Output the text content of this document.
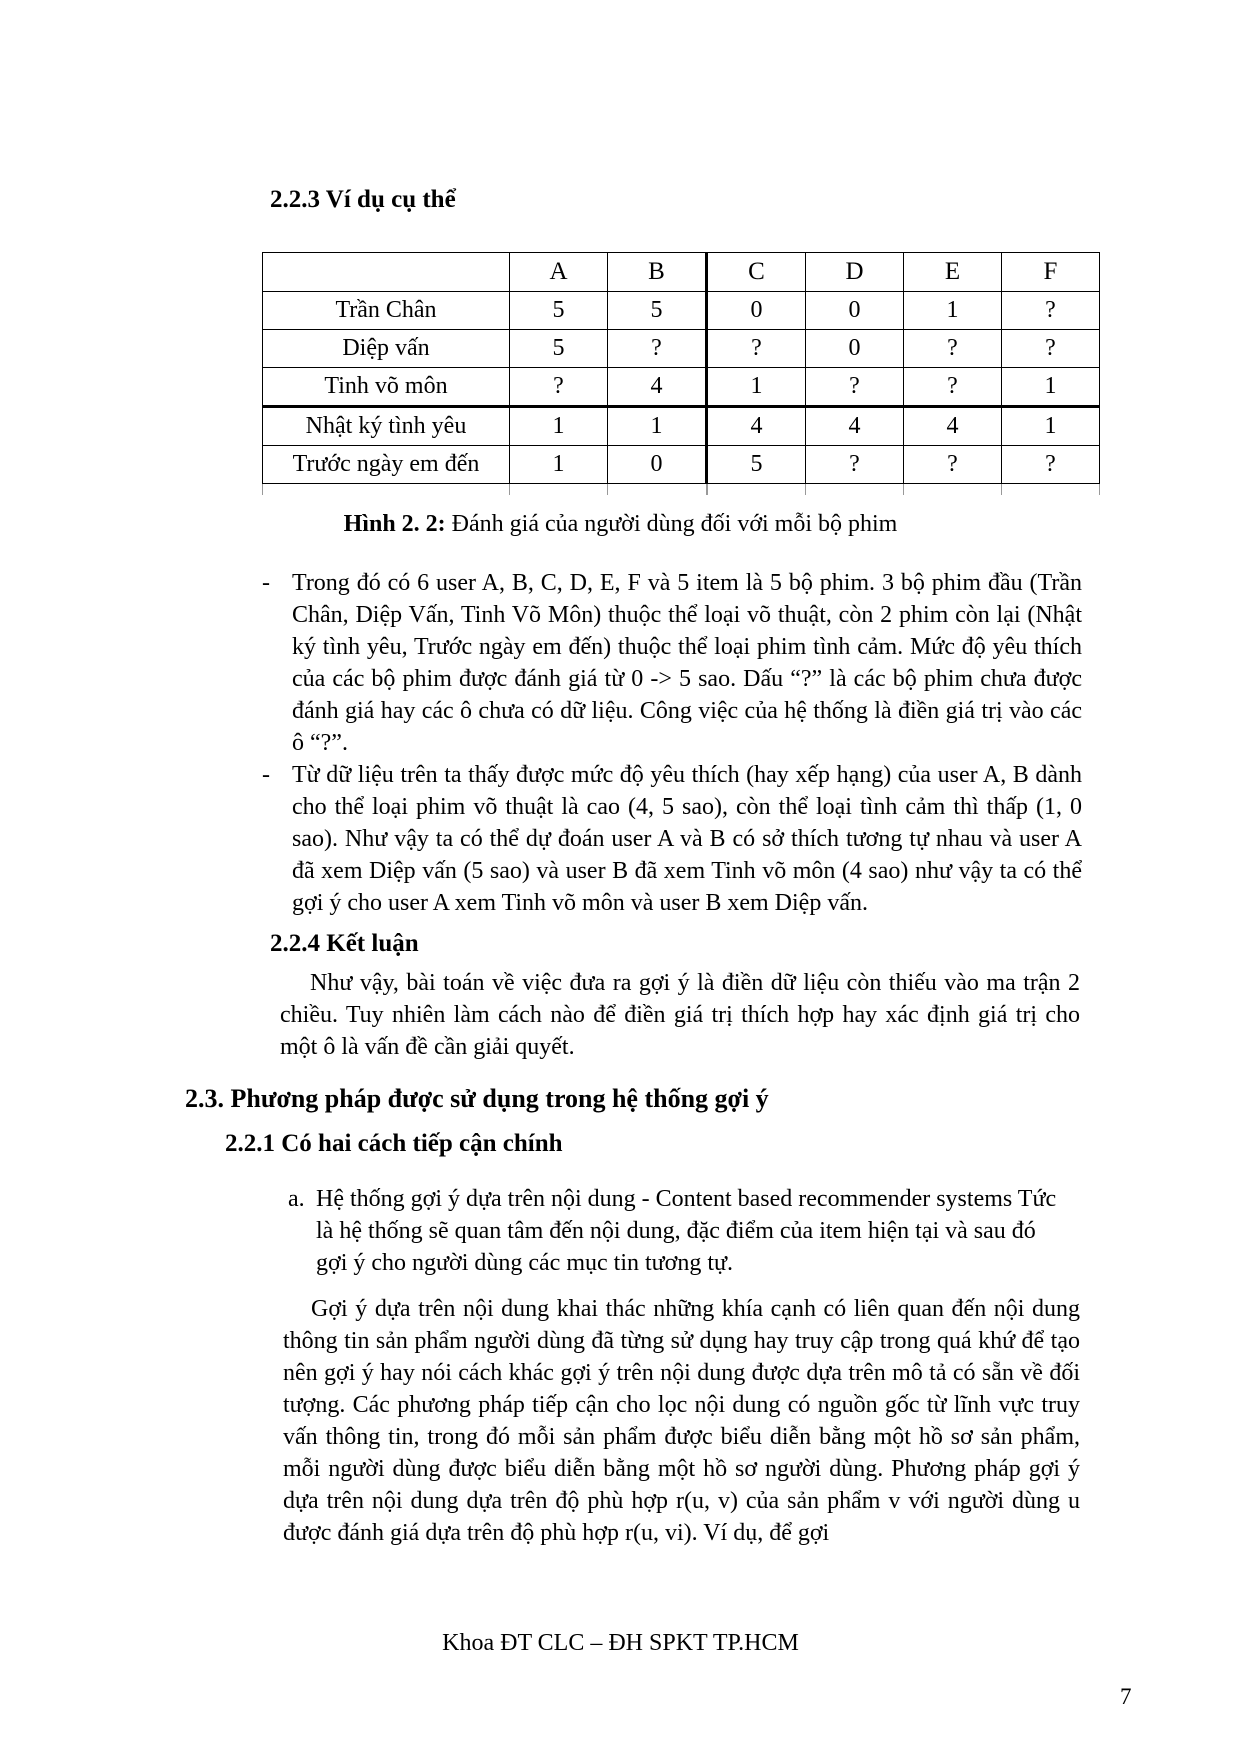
2.2.3 Ví dụ cụ thể
	A	B	C	D	E	F
Trần Chân	5	5	0	0	1	?
Diệp vấn	5	?	?	0	?	?
Tinh võ môn	?	4	1	?	?	1
Nhật ký tình yêu	1	1	4	4	4	1
Trước ngày em đến	1	0	5	?	?	?

Hình 2. 2: Đánh giá của người dùng đối với mỗi bộ phim
- Trong đó có 6 user A, B, C, D, E, F và 5 item là 5 bộ phim. 3 bộ phim đầu (Trần Chân, Diệp Vấn, Tinh Võ Môn) thuộc thể loại võ thuật, còn 2 phim còn lại (Nhật ký tình yêu, Trước ngày em đến) thuộc thể loại phim tình cảm. Mức độ yêu thích của các bộ phim được đánh giá từ 0 -> 5 sao. Dấu “?” là các bộ phim chưa được đánh giá hay các ô chưa có dữ liệu. Công việc của hệ thống là điền giá trị vào các ô “?”.
- Từ dữ liệu trên ta thấy được mức độ yêu thích (hay xếp hạng) của user A, B dành cho thể loại phim võ thuật là cao (4, 5 sao), còn thể loại tình cảm thì thấp (1, 0 sao). Như vậy ta có thể dự đoán user A và B có sở thích tương tự nhau và user A đã xem Diệp vấn (5 sao) và user B đã xem Tinh võ môn (4 sao) như vậy ta có thể gợi ý cho user A xem Tinh võ môn và user B xem Diệp vấn.
2.2.4 Kết luận
Như vậy, bài toán về việc đưa ra gợi ý là điền dữ liệu còn thiếu vào ma trận 2 chiều. Tuy nhiên làm cách nào để điền giá trị thích hợp hay xác định giá trị cho một ô là vấn đề cần giải quyết.
2.3. Phương pháp được sử dụng trong hệ thống gợi ý
2.2.1 Có hai cách tiếp cận chính
a. Hệ thống gợi ý dựa trên nội dung - Content based recommender systems Tức là hệ thống sẽ quan tâm đến nội dung, đặc điểm của item hiện tại và sau đó gợi ý cho người dùng các mục tin tương tự.
Gợi ý dựa trên nội dung khai thác những khía cạnh có liên quan đến nội dung thông tin sản phẩm người dùng đã từng sử dụng hay truy cập trong quá khứ để tạo nên gợi ý hay nói cách khác gợi ý trên nội dung được dựa trên mô tả có sẵn về đối tượng. Các phương pháp tiếp cận cho lọc nội dung có nguồn gốc từ lĩnh vực truy vấn thông tin, trong đó mỗi sản phẩm được biểu diễn bằng một hồ sơ sản phẩm, mỗi người dùng được biểu diễn bằng một hồ sơ người dùng. Phương pháp gợi ý dựa trên nội dung dựa trên độ phù hợp r(u, v) của sản phẩm v với người dùng u được đánh giá dựa trên độ phù hợp r(u, vi). Ví dụ, để gợi
Khoa ĐT CLC – ĐH SPKT TP.HCM
7
